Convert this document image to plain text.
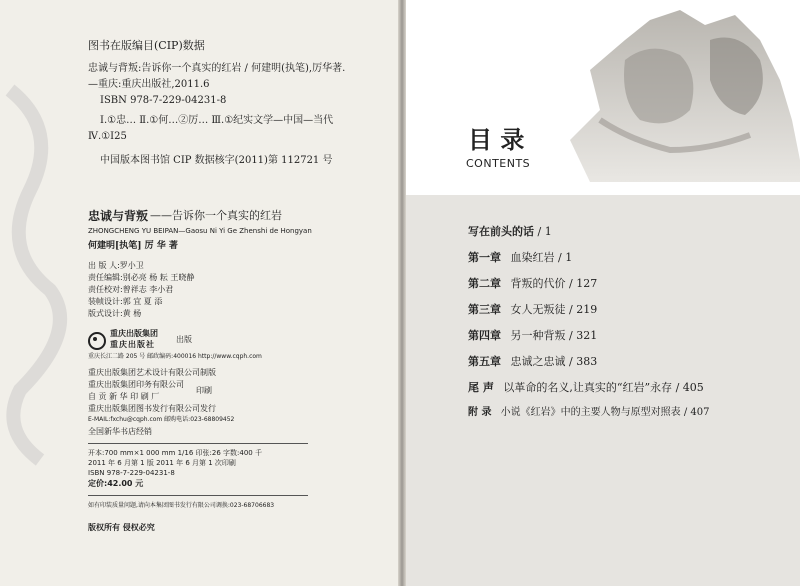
图书在版编目(CIP)数据
忠诚与背叛:告诉你一个真实的红岩 / 何建明(执笔),厉华著.
—重庆:重庆出版社,2011.6
ISBN 978-7-229-04231-8
Ⅰ.①忠… Ⅱ.①何…②厉… Ⅲ.①纪实文学—中国—当代
Ⅳ.①I25
中国版本图书馆 CIP 数据核字(2011)第 112721 号
忠诚与背叛 ——告诉你一个真实的红岩
ZHONGCHENG YU BEIPAN—Gaosu Ni Yi Ge Zhenshi de Hongyan
何建明[执笔] 厉 华 著
出 版 人:罗小卫
责任编辑:别必亮 杨 耘 王晓静
责任校对:曾祥志 李小君
装帧设计:郭 宜 夏 添
版式设计:黄 杨
重庆出版集团
重庆出版社
出版
重庆长江二路 205 号 邮政编码:400016 http://www.cqph.com
重庆出版集团艺术设计有限公司制版
重庆出版集团印务有限公司
印刷
自 贡 新 华 印 刷 厂
重庆出版集团图书发行有限公司发行
E-MAIL:fxchu@cqph.com 邮购电话:023-68809452
全国新华书店经销
开本:700 mm×1 000 mm 1/16 印张:26 字数:400 千
2011 年 6 月第 1 版 2011 年 6 月第 1 次印刷
ISBN 978-7-229-04231-8
定价:42.00 元
如有印装质量问题,请向本集团图书发行有限公司调换:023-68706683
版权所有 侵权必究
目 录
CONTENTS
写在前头的话 / 1
第一章 血染红岩 / 1
第二章 背叛的代价 / 127
第三章 女人无叛徒 / 219
第四章 另一种背叛 / 321
第五章 忠诚之忠诚 / 383
尾 声 以革命的名义,让真实的“红岩”永存 / 405
附 录 小说《红岩》中的主要人物与原型对照表 / 407
